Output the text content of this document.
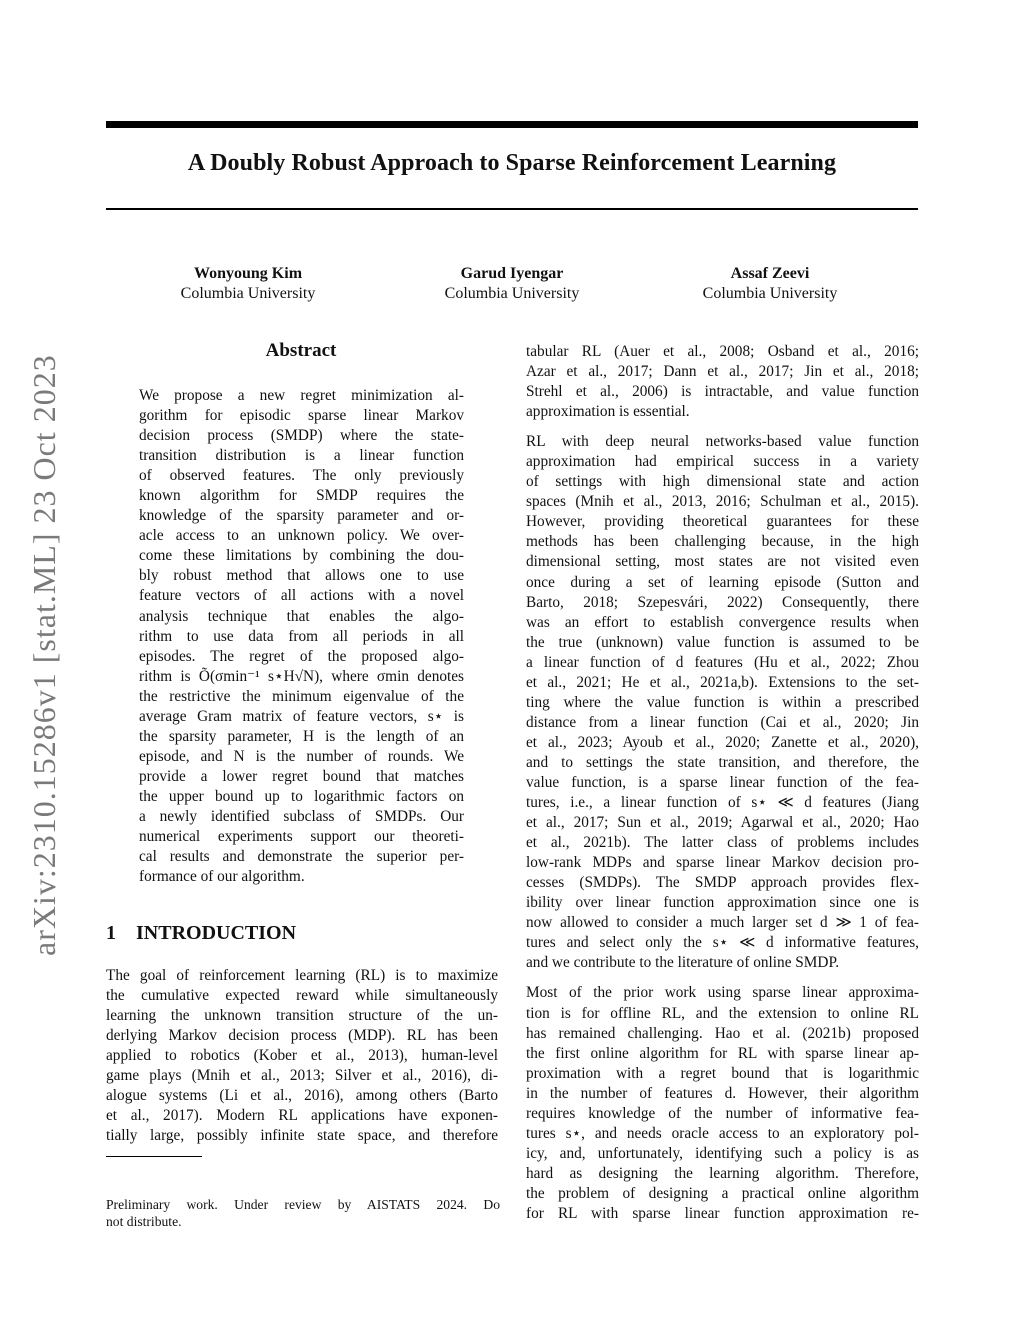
A Doubly Robust Approach to Sparse Reinforcement Learning
Wonyoung Kim
Columbia University
Garud Iyengar
Columbia University
Assaf Zeevi
Columbia University
arXiv:2310.15286v1 [stat.ML] 23 Oct 2023
Abstract
We propose a new regret minimization al-
gorithm for episodic sparse linear Markov
decision process (SMDP) where the state-
transition distribution is a linear function
of observed features. The only previously
known algorithm for SMDP requires the
knowledge of the sparsity parameter and or-
acle access to an unknown policy. We over-
come these limitations by combining the dou-
bly robust method that allows one to use
feature vectors of all actions with a novel
analysis technique that enables the algo-
rithm to use data from all periods in all
episodes. The regret of the proposed algo-
rithm is Õ(σmin⁻¹ s⋆H√N), where σmin denotes
the restrictive the minimum eigenvalue of the
average Gram matrix of feature vectors, s⋆ is
the sparsity parameter, H is the length of an
episode, and N is the number of rounds. We
provide a lower regret bound that matches
the upper bound up to logarithmic factors on
a newly identified subclass of SMDPs. Our
numerical experiments support our theoreti-
cal results and demonstrate the superior per-
formance of our algorithm.
1 INTRODUCTION
The goal of reinforcement learning (RL) is to maximize
the cumulative expected reward while simultaneously
learning the unknown transition structure of the un-
derlying Markov decision process (MDP). RL has been
applied to robotics (Kober et al., 2013), human-level
game plays (Mnih et al., 2013; Silver et al., 2016), di-
alogue systems (Li et al., 2016), among others (Barto
et al., 2017). Modern RL applications have exponen-
tially large, possibly infinite state space, and therefore
tabular RL (Auer et al., 2008; Osband et al., 2016;
Azar et al., 2017; Dann et al., 2017; Jin et al., 2018;
Strehl et al., 2006) is intractable, and value function
approximation is essential.
RL with deep neural networks-based value function
approximation had empirical success in a variety
of settings with high dimensional state and action
spaces (Mnih et al., 2013, 2016; Schulman et al., 2015).
However, providing theoretical guarantees for these
methods has been challenging because, in the high
dimensional setting, most states are not visited even
once during a set of learning episode (Sutton and
Barto, 2018; Szepesvári, 2022) Consequently, there
was an effort to establish convergence results when
the true (unknown) value function is assumed to be
a linear function of d features (Hu et al., 2022; Zhou
et al., 2021; He et al., 2021a,b). Extensions to the set-
ting where the value function is within a prescribed
distance from a linear function (Cai et al., 2020; Jin
et al., 2023; Ayoub et al., 2020; Zanette et al., 2020),
and to settings the state transition, and therefore, the
value function, is a sparse linear function of the fea-
tures, i.e., a linear function of s⋆ ≪ d features (Jiang
et al., 2017; Sun et al., 2019; Agarwal et al., 2020; Hao
et al., 2021b). The latter class of problems includes
low-rank MDPs and sparse linear Markov decision pro-
cesses (SMDPs). The SMDP approach provides flex-
ibility over linear function approximation since one is
now allowed to consider a much larger set d ≫ 1 of fea-
tures and select only the s⋆ ≪ d informative features,
and we contribute to the literature of online SMDP.
Most of the prior work using sparse linear approxima-
tion is for offline RL, and the extension to online RL
has remained challenging. Hao et al. (2021b) proposed
the first online algorithm for RL with sparse linear ap-
proximation with a regret bound that is logarithmic
in the number of features d. However, their algorithm
requires knowledge of the number of informative fea-
tures s⋆, and needs oracle access to an exploratory pol-
icy, and, unfortunately, identifying such a policy is as
hard as designing the learning algorithm. Therefore,
the problem of designing a practical online algorithm
for RL with sparse linear function approximation re-
Preliminary work. Under review by AISTATS 2024. Do
not distribute.
